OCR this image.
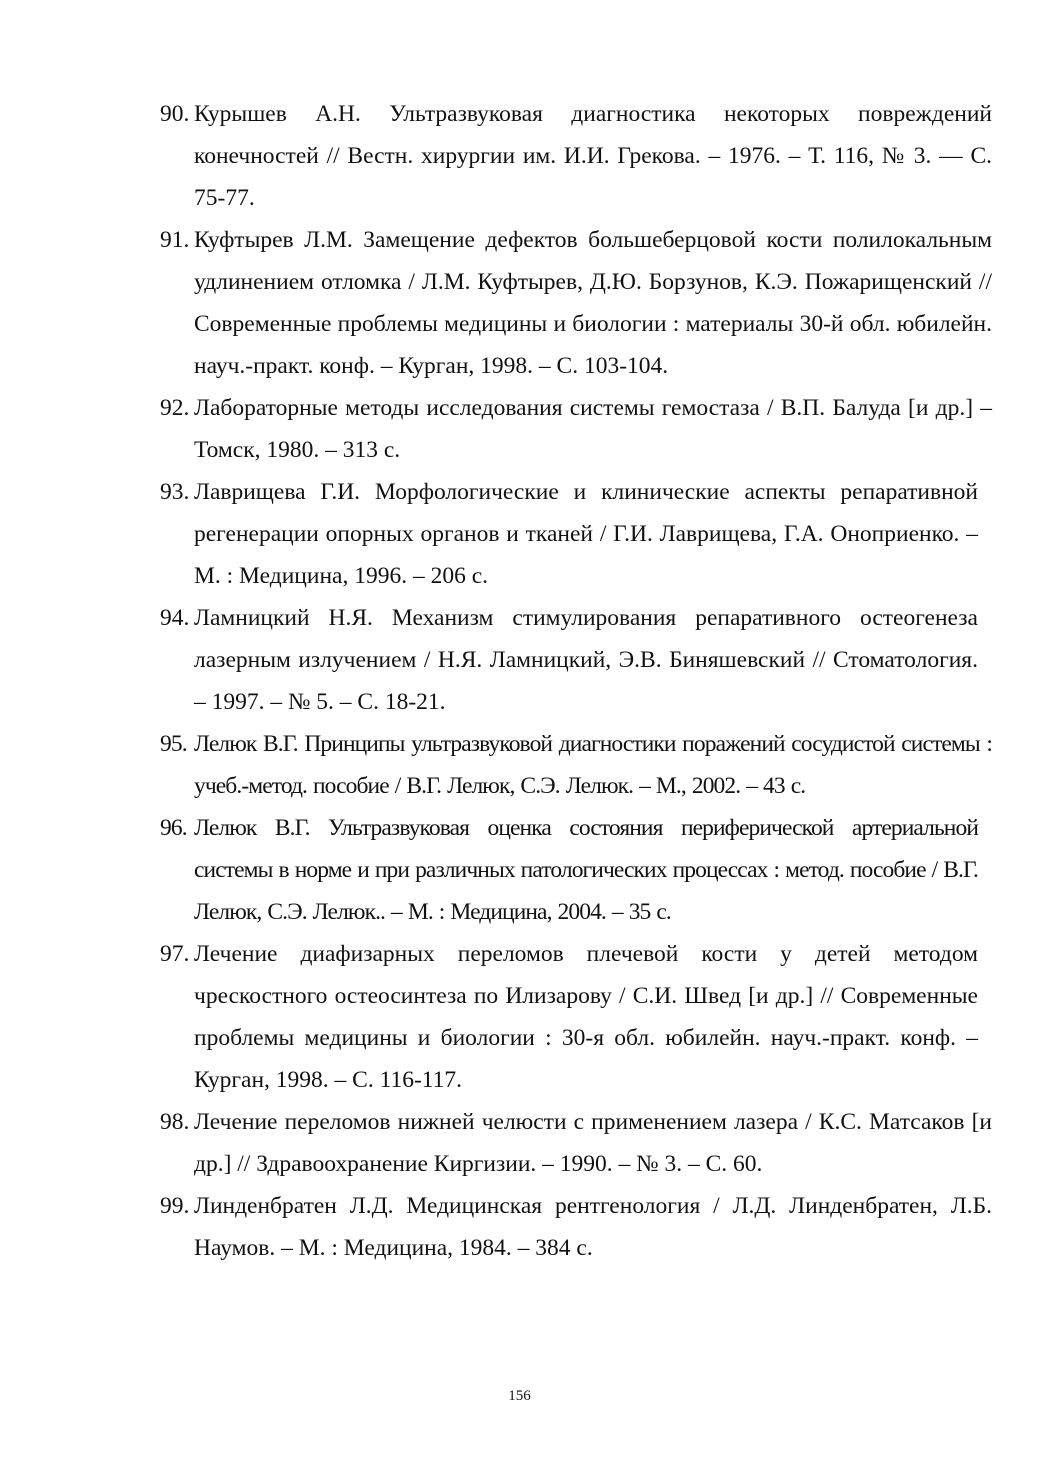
90. Курышев А.Н. Ультразвуковая диагностика некоторых повреждений конечностей // Вестн. хирургии им. И.И. Грекова. – 1976. – Т. 116, № 3. — С. 75-77.
91. Куфтырев Л.М. Замещение дефектов большеберцовой кости полилокальным удлинением отломка / Л.М. Куфтырев, Д.Ю. Борзунов, К.Э. Пожарищенский // Современные проблемы медицины и биологии : материалы 30-й обл. юбилейн. науч.-практ. конф. – Курган, 1998. – С. 103-104.
92. Лабораторные методы исследования системы гемостаза / В.П. Балуда [и др.] – Томск, 1980. – 313 с.
93. Лаврищева Г.И. Морфологические и клинические аспекты репаративной регенерации опорных органов и тканей / Г.И. Лаврищева, Г.А. Оноприенко. – М. : Медицина, 1996. – 206 с.
94. Ламницкий Н.Я. Механизм стимулирования репаративного остеогенеза лазерным излучением / Н.Я. Ламницкий, Э.В. Биняшевский // Стоматология. – 1997. – № 5. – С. 18-21.
95. Лелюк В.Г. Принципы ультразвуковой диагностики поражений сосудистой системы : учеб.-метод. пособие / В.Г. Лелюк, С.Э. Лелюк. – М., 2002. – 43 с.
96. Лелюк В.Г. Ультразвуковая оценка состояния периферической артериальной системы в норме и при различных патологических процессах : метод. пособие / В.Г. Лелюк, С.Э. Лелюк.. – М. : Медицина, 2004. – 35 с.
97. Лечение диафизарных переломов плечевой кости у детей методом чрескостного остеосинтеза по Илизарову / С.И. Швед [и др.] // Современные проблемы медицины и биологии : 30-я обл. юбилейн. науч.-практ. конф. – Курган, 1998. – С. 116-117.
98. Лечение переломов нижней челюсти с применением лазера / К.С. Матсаков [и др.] // Здравоохранение Киргизии. – 1990. – № 3. – С. 60.
99. Линденбратен Л.Д. Медицинская рентгенология / Л.Д. Линденбратен, Л.Б. Наумов. – М. : Медицина, 1984. – 384 с.
156
